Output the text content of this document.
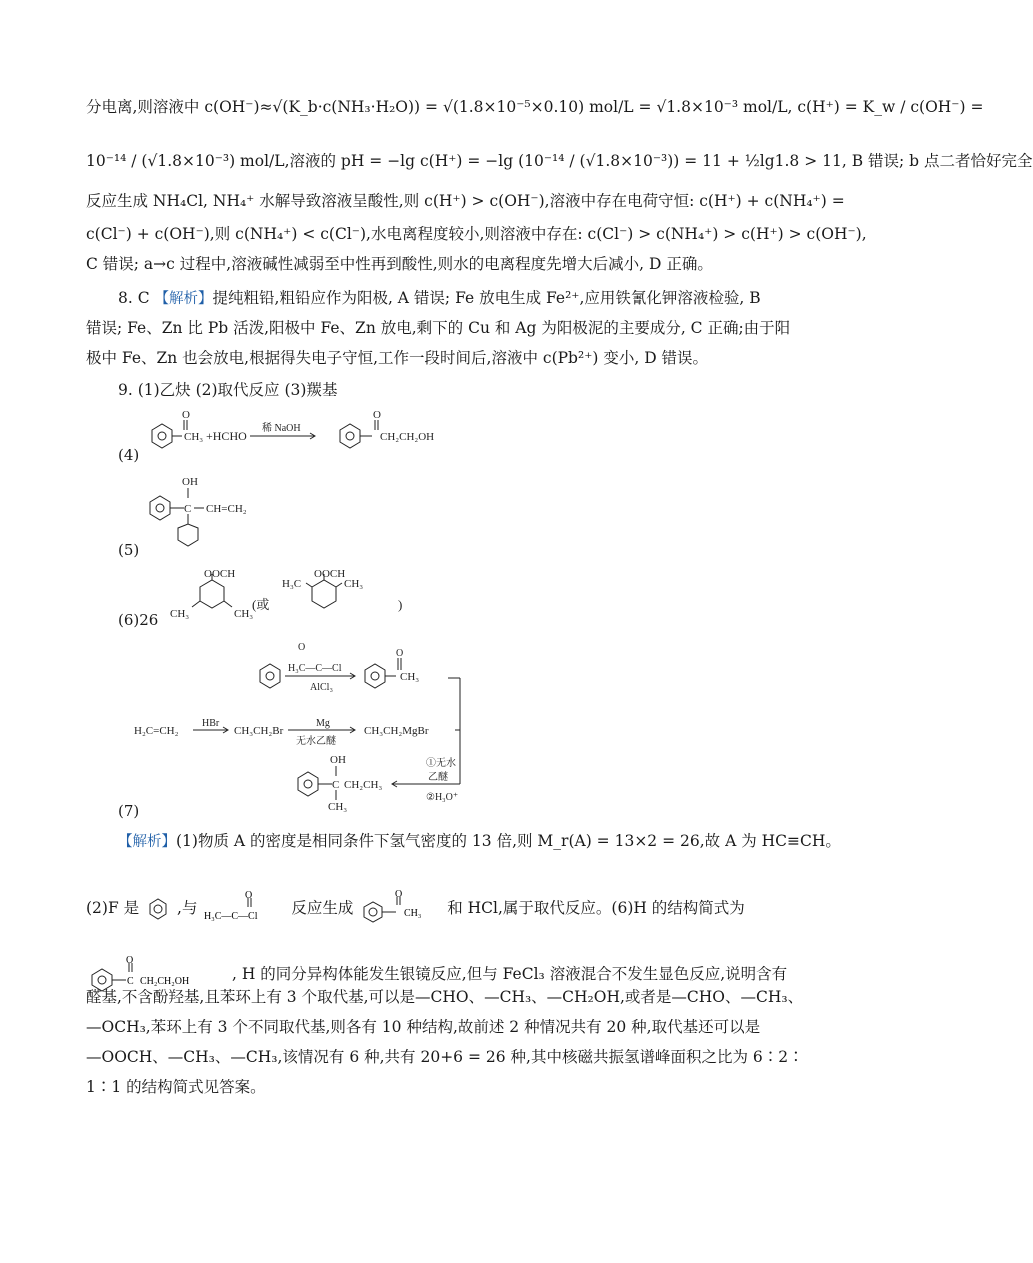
分电离,则溶液中 c(OH⁻)≈√(K_b·c(NH₃·H₂O)) = √(1.8×10⁻⁵×0.10) mol/L = √1.8×10⁻³ mol/L, c(H⁺) = K_w / c(OH⁻) =
10⁻¹⁴ / (√1.8×10⁻³) mol/L,溶液的 pH = −lg c(H⁺) = −lg (10⁻¹⁴ / (√1.8×10⁻³)) = 11 + ½lg1.8 > 11, B 错误; b 点二者恰好完全
反应生成 NH₄Cl, NH₄⁺ 水解导致溶液呈酸性,则 c(H⁺) > c(OH⁻),溶液中存在电荷守恒: c(H⁺) + c(NH₄⁺) =
c(Cl⁻) + c(OH⁻),则 c(NH₄⁺) < c(Cl⁻),水电离程度较小,则溶液中存在: c(Cl⁻) > c(NH₄⁺) > c(H⁺) > c(OH⁻),
C 错误; a→c 过程中,溶液碱性减弱至中性再到酸性,则水的电离程度先增大后减小, D 正确。
8. C 【解析】提纯粗铅,粗铅应作为阳极, A 错误; Fe 放电生成 Fe²⁺,应用铁氰化钾溶液检验, B
错误; Fe、Zn 比 Pb 活泼,阳极中 Fe、Zn 放电,剩下的 Cu 和 Ag 为阳极泥的主要成分, C 正确;由于阳
极中 Fe、Zn 也会放电,根据得失电子守恒,工作一段时间后,溶液中 c(Pb²⁺) 变小, D 错误。
9. (1)乙炔 (2)取代反应 (3)羰基
O
CH₃ +HCHO
稀 NaOH
O
CH₂CH₂OH
(4)
OH
C CH=CH₂
(5)
OOCH
CH₃	CH₃
(或
H₃C
OOCH
CH₃
)
(6)26
O
H₃C—C—Cl
AlCl₃
O
CH₃
H₂C=CH₂
HBr
CH₃CH₂Br
Mg
无水乙醚
CH₃CH₂MgBr
①无水
乙醚
②H₃O⁺
OH
C CH₂CH₃
CH₃
(7)
【解析】(1)物质 A 的密度是相同条件下氢气密度的 13 倍,则 M_r(A) = 13×2 = 26,故 A 为 HC≡CH。
(2)F 是 ,与
O
H₃C—C—Cl 反应生成
O
CH₃ 和 HCl,属于取代反应。(6)H 的结构简式为
O
C CH₂CH₂OH	, H 的同分异构体能发生银镜反应,但与 FeCl₃ 溶液混合不发生显色反应,说明含有
醛基,不含酚羟基,且苯环上有 3 个取代基,可以是—CHO、—CH₃、—CH₂OH,或者是—CHO、—CH₃、
—OCH₃,苯环上有 3 个不同取代基,则各有 10 种结构,故前述 2 种情况共有 20 种,取代基还可以是
—OOCH、—CH₃、—CH₃,该情况有 6 种,共有 20+6 = 26 种,其中核磁共振氢谱峰面积之比为 6∶2∶
1∶1 的结构简式见答案。
